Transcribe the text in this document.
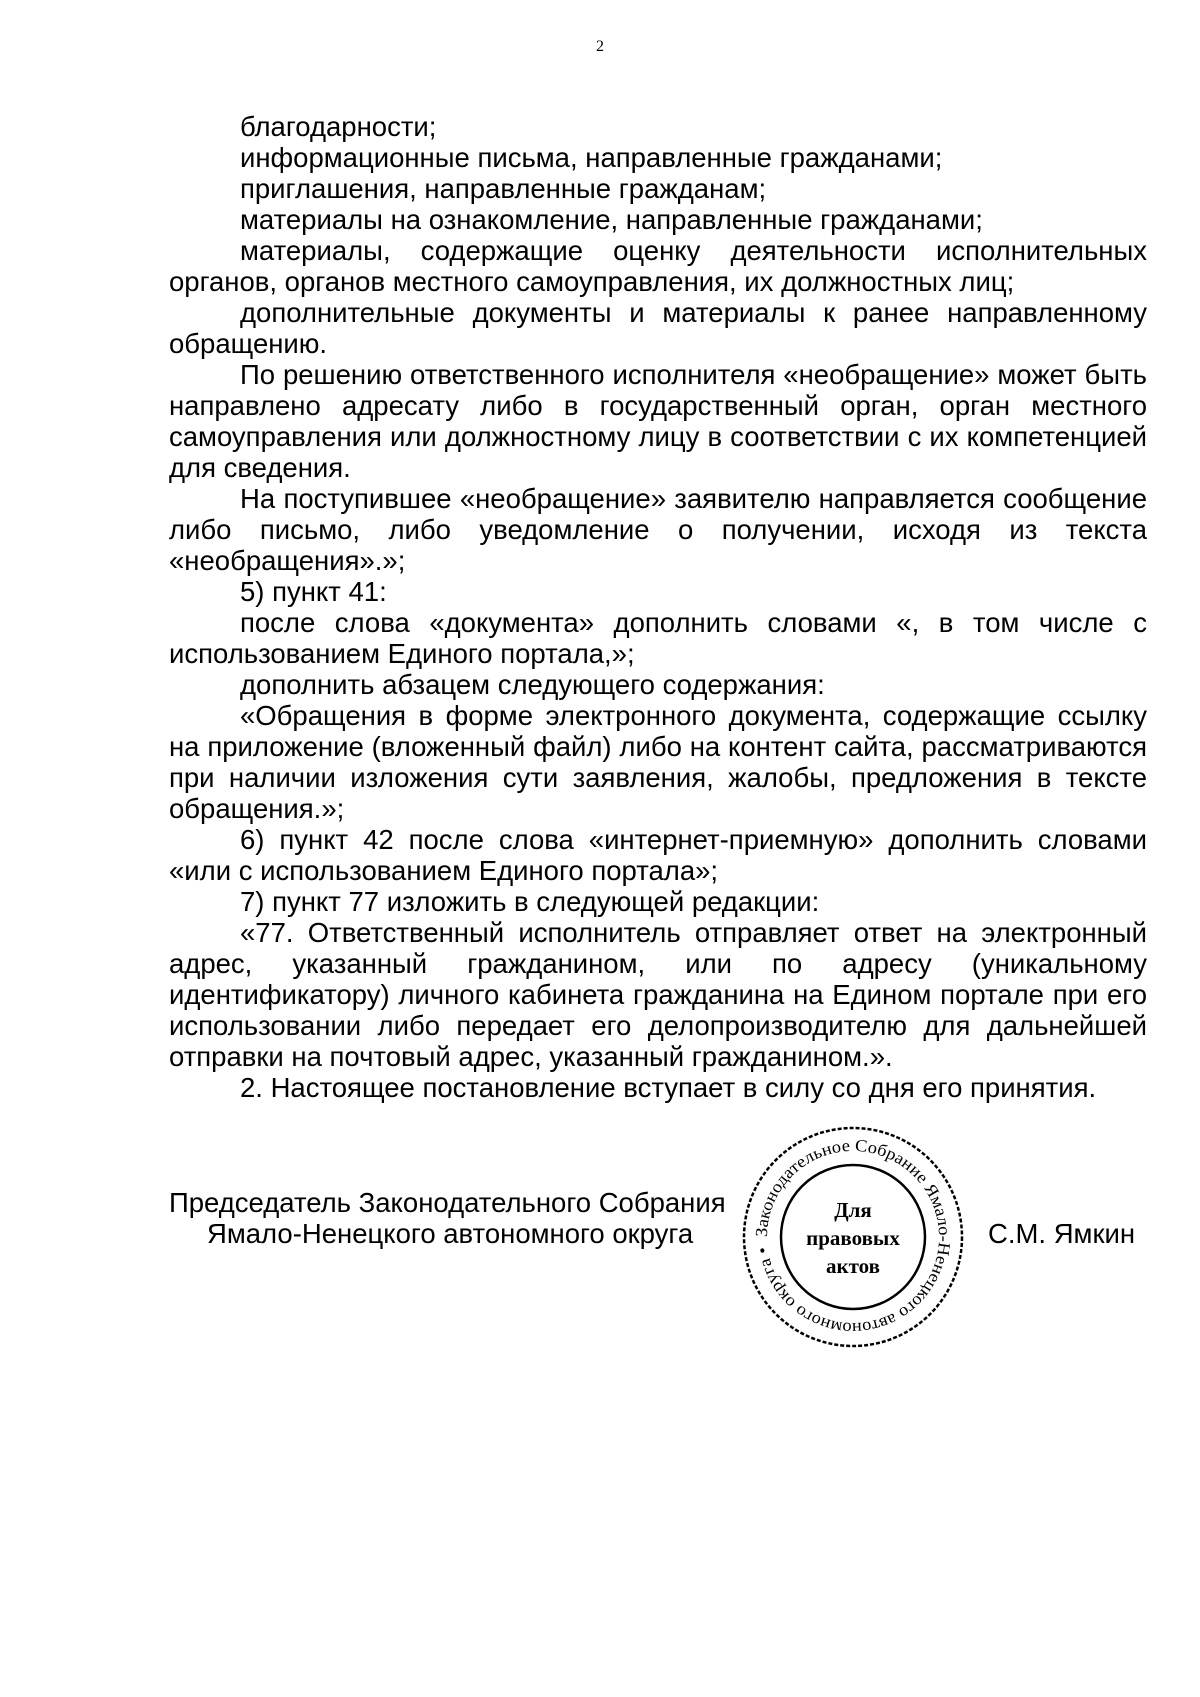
2

благодарности;

информационные письма, направленные гражданами;

приглашения, направленные гражданам;

материалы на ознакомление, направленные гражданами;

материалы, содержащие оценку деятельности исполнительных органов, органов местного самоуправления, их должностных лиц;

дополнительные документы и материалы к ранее направленному обращению.

По решению ответственного исполнителя «необращение» может быть направлено адресату либо в государственный орган, орган местного самоуправления или должностному лицу в соответствии с их компетенцией для сведения.

На поступившее «необращение» заявителю направляется сообщение либо письмо, либо уведомление о получении, исходя из текста «необращения».»;

5) пункт 41:

после слова «документа» дополнить словами «, в том числе с использованием Единого портала,»;

дополнить абзацем следующего содержания:

«Обращения в форме электронного документа, содержащие ссылку на приложение (вложенный файл) либо на контент сайта, рассматриваются при наличии изложения сути заявления, жалобы, предложения в тексте обращения.»;

6) пункт 42 после слова «интернет-приемную» дополнить словами «или с использованием Единого портала»;

7) пункт 77 изложить в следующей редакции:

«77. Ответственный исполнитель отправляет ответ на электронный адрес, указанный гражданином, или по адресу (уникальному идентификатору) личного кабинета гражданина на Едином портале при его использовании либо передает его делопроизводителю для дальнейшей отправки на почтовый адрес, указанный гражданином.».

2. Настоящее постановление вступает в силу со дня его принятия.

Председатель Законодательного Собрания
Ямало-Ненецкого автономного округа	Законодательное Собрание Ямало-Ненецкого автономного округа •
Для
правовых
актов
С.М. Ямкин
